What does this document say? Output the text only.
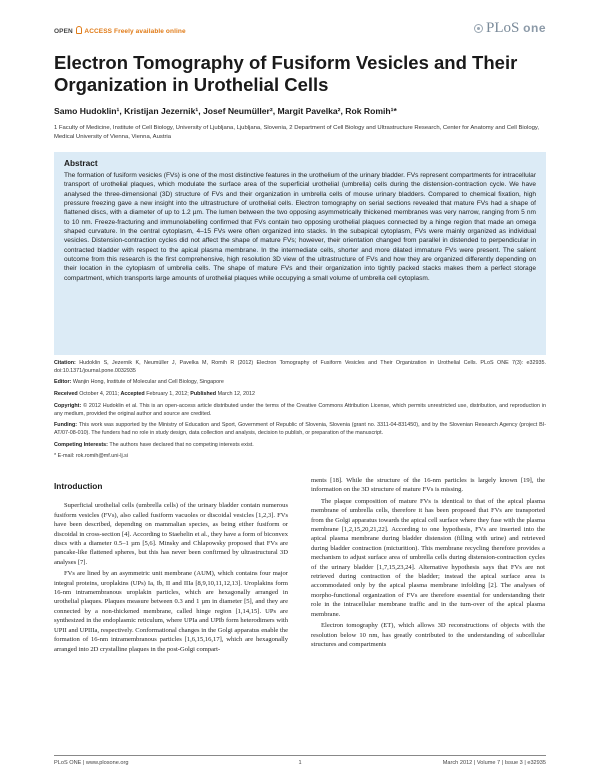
OPEN ACCESS Freely available online	PLoS one
Electron Tomography of Fusiform Vesicles and Their Organization in Urothelial Cells
Samo Hudoklin¹, Kristijan Jezernik¹, Josef Neumüller², Margit Pavelka², Rok Romih¹*
1 Faculty of Medicine, Institute of Cell Biology, University of Ljubljana, Ljubljana, Slovenia, 2 Department of Cell Biology and Ultrastructure Research, Center for Anatomy and Cell Biology, Medical University of Vienna, Vienna, Austria
Abstract

The formation of fusiform vesicles (FVs) is one of the most distinctive features in the urothelium of the urinary bladder. FVs represent compartments for intracellular transport of urothelial plaques, which modulate the surface area of the superficial urothelial (umbrella) cells during the distension-contraction cycle. We have analysed the three-dimensional (3D) structure of FVs and their organization in umbrella cells of mouse urinary bladders. Compared to chemical fixation, high pressure freezing gave a new insight into the ultrastructure of urothelial cells. Electron tomography on serial sections revealed that mature FVs had a shape of flattened discs, with a diameter of up to 1.2 µm. The lumen between the two opposing asymmetrically thickened membranes was very narrow, ranging from 5 nm to 10 nm. Freeze-fracturing and immunolabelling confirmed that FVs contain two opposing urothelial plaques connected by a hinge region that made an omega shaped curvature. In the central cytoplasm, 4–15 FVs were often organized into stacks. In the subapical cytoplasm, FVs were mainly organized as individual vesicles. Distension-contraction cycles did not affect the shape of mature FVs; however, their orientation changed from parallel in distended to perpendicular in contracted bladder with respect to the apical plasma membrane. In the intermediate cells, shorter and more dilated immature FVs were present. The salient outcome from this research is the first comprehensive, high resolution 3D view of the ultrastructure of FVs and how they are organized differently depending on their location in the cytoplasm of umbrella cells. The shape of mature FVs and their organization into tightly packed stacks makes them a perfect storage compartment, which transports large amounts of urothelial plaques while occupying a small volume of umbrella cell cytoplasm.

Citation: Hudoklin S, Jezernik K, Neumüller J, Pavelka M, Romih R (2012) Electron Tomography of Fusiform Vesicles and Their Organization in Urothelial Cells. PLoS ONE 7(3): e32935. doi:10.1371/journal.pone.0032935

Editor: Wanjin Hong, Institute of Molecular and Cell Biology, Singapore

Received October 4, 2011; Accepted February 1, 2012; Published March 12, 2012

Copyright: © 2012 Hudoklin et al. This is an open-access article distributed under the terms of the Creative Commons Attribution License, which permits unrestricted use, distribution, and reproduction in any medium, provided the original author and source are credited.

Funding: This work was supported by the Ministry of Education and Sport, Government of Republic of Slovenia, Slovenia (grant no. 3311-04-831450), and by the Slovenian Research Agency (project BI-AT/07-08-010). The funders had no role in study design, data collection and analysis, decision to publish, or preparation of the manuscript.

Competing Interests: The authors have declared that no competing interests exist.

* E-mail: rok.romih@mf.uni-lj.si

Introduction

Superficial urothelial cells (umbrella cells) of the urinary bladder contain numerous fusiform vesicles (FVs), also called fusiform vacuoles or discoidal vesicles [1,2,3]. FVs have been described, depending on mammalian species, as being either fusiform or discoidal in cross-section [4]. According to Staehelin et al., they have a form of biconvex discs with a diameter 0.5–1 µm [5,6]. Minsky and Chlapowsky proposed that FVs are pancake-like flattened spheres, but this has never been confirmed by ultrastructural 3D analyses [7].

FVs are lined by an asymmetric unit membrane (AUM), which contains four major integral proteins, uroplakins (UPs) Ia, Ib, II and IIIa [8,9,10,11,12,13]. Uroplakins form 16-nm intramembranous uroplakin particles, which are hexagonally arranged in urothelial plaques. Plaques measure between 0.3 and 1 µm in diameter [5], and they are connected by a non-thickened membrane, called hinge region [1,14,15]. UPs are synthesized in the endoplasmic reticulum, where UPIa and UPIb form heterodimers with UPII and UPIIIa, respectively. Conformational changes in the Golgi apparatus enable the formation of 16-nm intramembranous particles [1,6,15,16,17], which are hexagonally arranged into 2D crystalline plaques in the post-Golgi compart-

ments [18]. While the structure of the 16-nm particles is largely known [19], the information on the 3D structure of mature FVs is missing.

The plaque composition of mature FVs is identical to that of the apical plasma membrane of umbrella cells, therefore it has been proposed that FVs are transported from the Golgi apparatus towards the apical cell surface where they fuse with the plasma membrane [1,2,15,20,21,22]. According to one hypothesis, FVs are inserted into the apical plasma membrane during bladder distension (filling with urine) and retrieved during bladder contraction (micturition). This membrane recycling therefore provides a mechanism to adjust surface area of umbrella cells during distension-contraction cycles of the urinary bladder [1,7,15,23,24]. Alternative hypothesis says that FVs are not retrieved during contraction of the bladder; instead the apical surface area is accommodated only by the apical plasma membrane infolding [2]. The analyses of morpho-functional organization of FVs are therefore essential for understanding their role in the intracellular membrane traffic and in the turn-over of the apical plasma membrane.

Electron tomography (ET), which allows 3D reconstructions of objects with the resolution below 10 nm, has greatly contributed to the understanding of subcellular structures and compartments

PLoS ONE | www.plosone.org	1	March 2012 | Volume 7 | Issue 3 | e32935
